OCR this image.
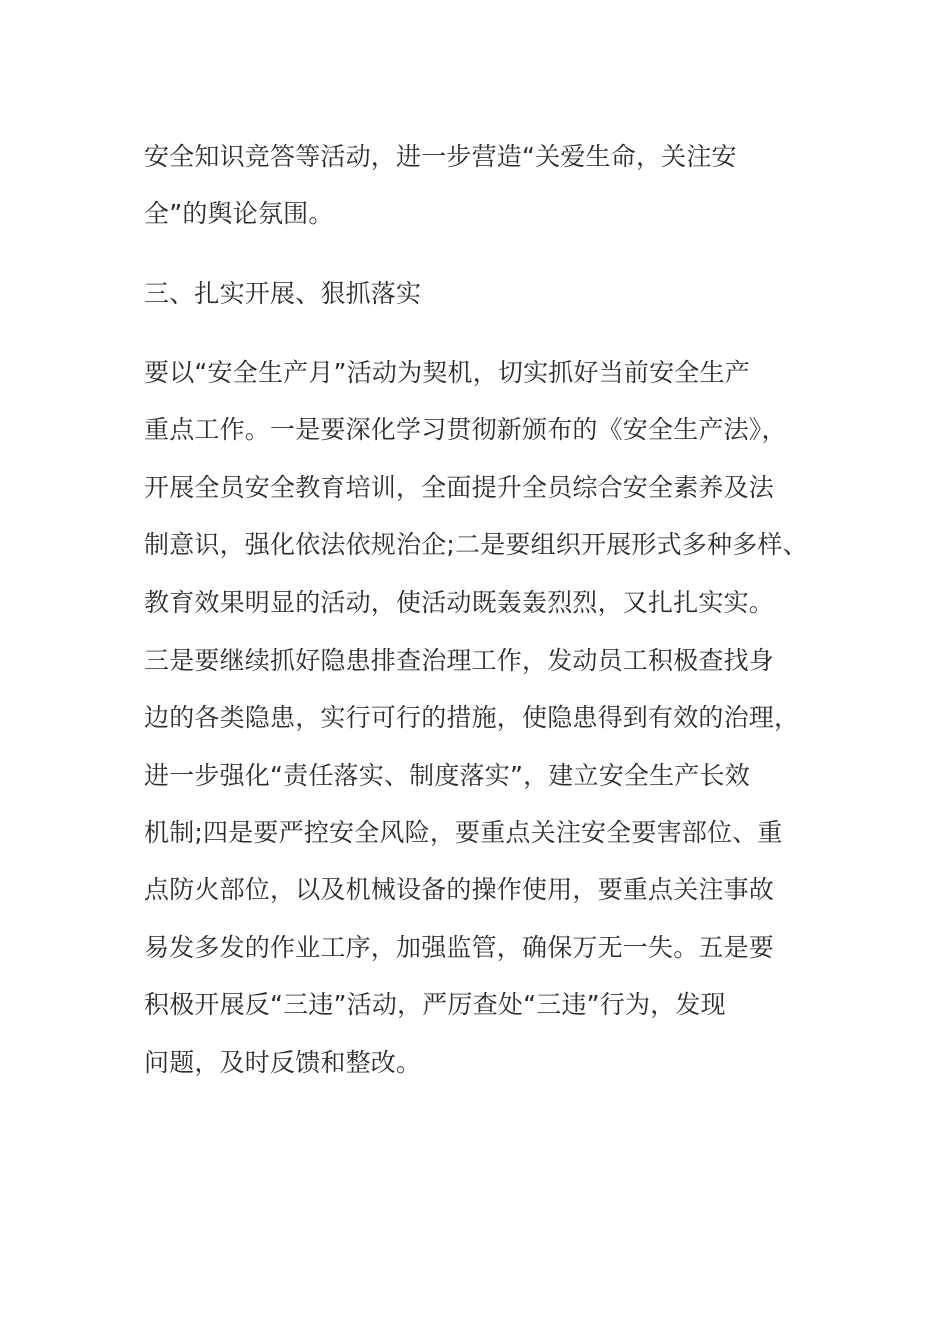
安全知识竞答等活动，进一步营造“关爱生命，关注安
全”的舆论氛围。
三、扎实开展、狠抓落实
要以“安全生产月”活动为契机，切实抓好当前安全生产
重点工作。一是要深化学习贯彻新颁布的《安全生产法》，
开展全员安全教育培训，全面提升全员综合安全素养及法
制意识，强化依法依规治企;二是要组织开展形式多种多样、
教育效果明显的活动，使活动既轰轰烈烈，又扎扎实实。
三是要继续抓好隐患排查治理工作，发动员工积极查找身
边的各类隐患，实行可行的措施，使隐患得到有效的治理，
进一步强化“责任落实、制度落实”，建立安全生产长效
机制;四是要严控安全风险，要重点关注安全要害部位、重
点防火部位，以及机械设备的操作使用，要重点关注事故
易发多发的作业工序，加强监管，确保万无一失。五是要
积极开展反“三违”活动，严厉查处“三违”行为，发现
问题，及时反馈和整改。
